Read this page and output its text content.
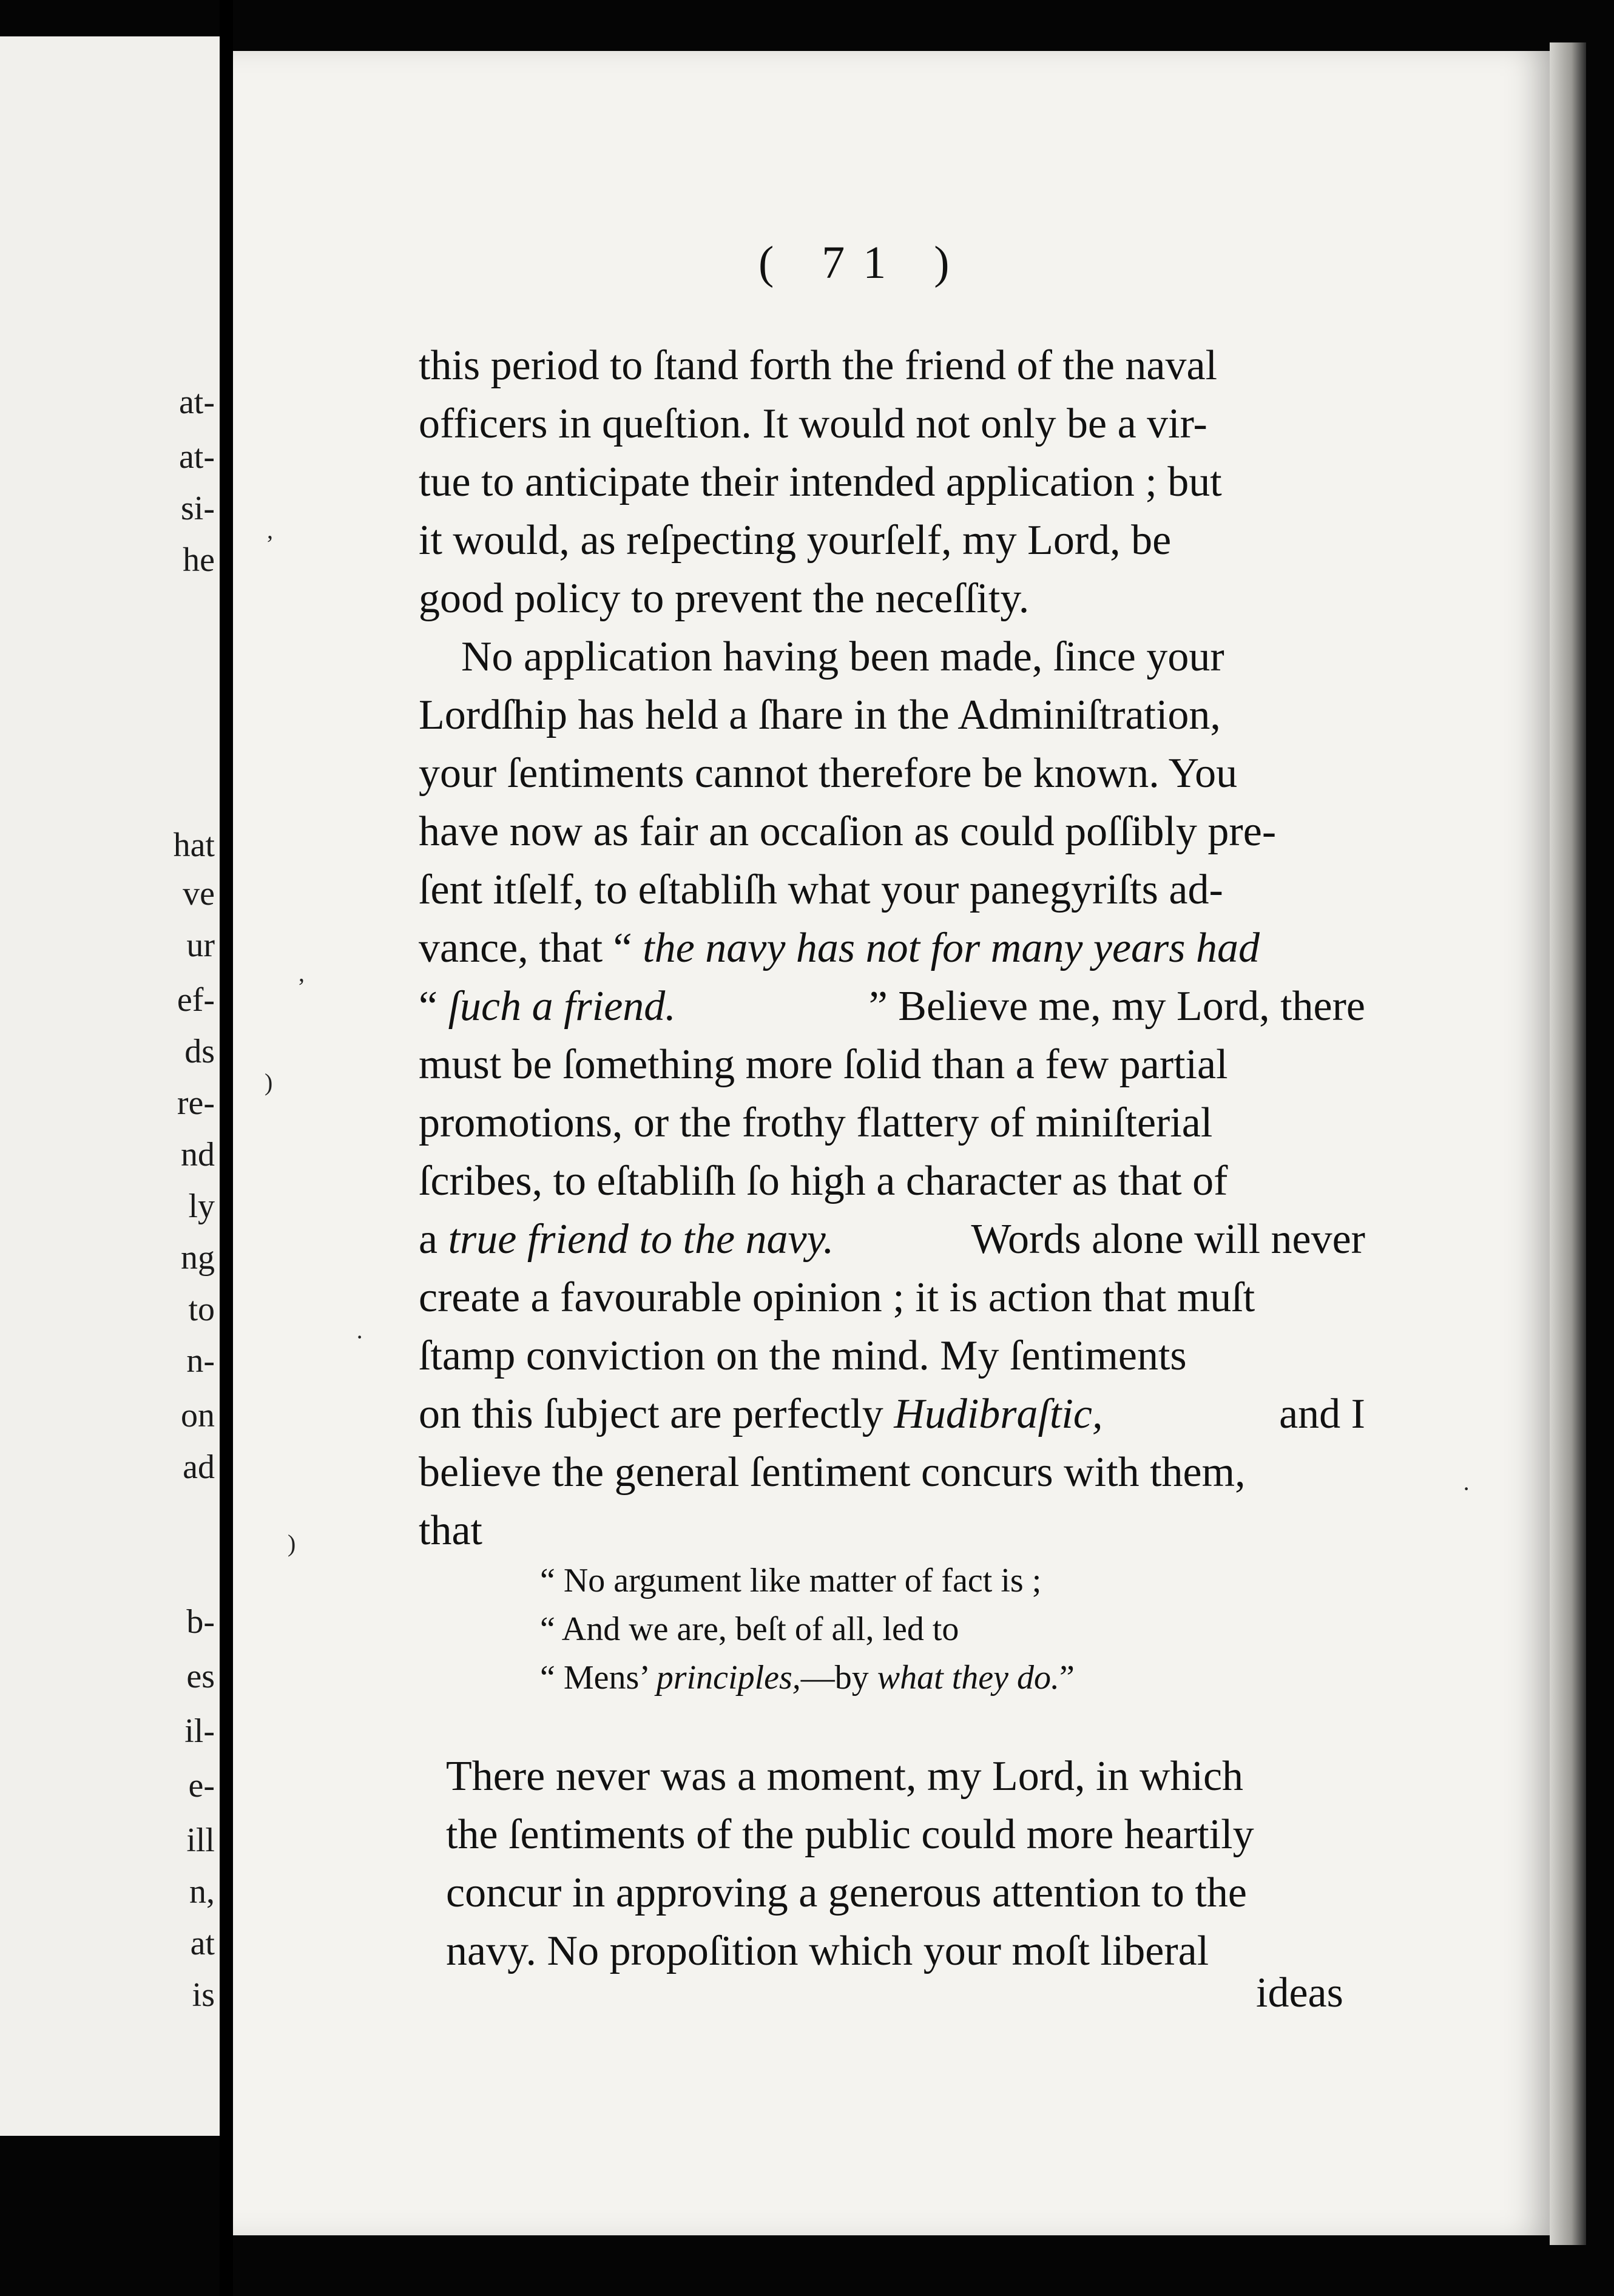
at-
at-
si-
he
hat
ve
ur
ef-
ds
re-
nd
ly
ng
to
n-
on
ad
b-
es
il-
e-
ill
n,
at
is
( 71 )
this period to ſtand forth the friend of the naval
officers in queſtion. It would not only be a vir-
tue to anticipate their intended application ; but
it would, as reſpecting yourſelf, my Lord, be
good policy to prevent the neceſſity.
No application having been made, ſince your
Lordſhip has held a ſhare in the Adminiſtration,
your ſentiments cannot therefore be known. You
have now as fair an occaſion as could poſſibly pre-
ſent itſelf, to eſtabliſh what your panegyriſts ad-
vance, that “ the navy has not for many years had
“ ſuch a friend.	” Believe me, my Lord, there
must be ſomething more ſolid than a few partial
promotions, or the frothy flattery of miniſterial
ſcribes, to eſtabliſh ſo high a character as that of
a true friend to the navy.	Words alone will never
create a favourable opinion ; it is action that muſt
ſtamp conviction on the mind. My ſentiments
on this ſubject are perfectly Hudibraſtic,	and I
believe the general ſentiment concurs with them,
that
“ No argument like matter of fact is ;
“ And we are, beſt of all, led to
“ Mens’ principles,—by what they do.”
There never was a moment, my Lord, in which
the ſentiments of the public could more heartily
concur in approving a generous attention to the
navy. No propoſition which your moſt liberal
ideas
,
,
)
·
)
·
